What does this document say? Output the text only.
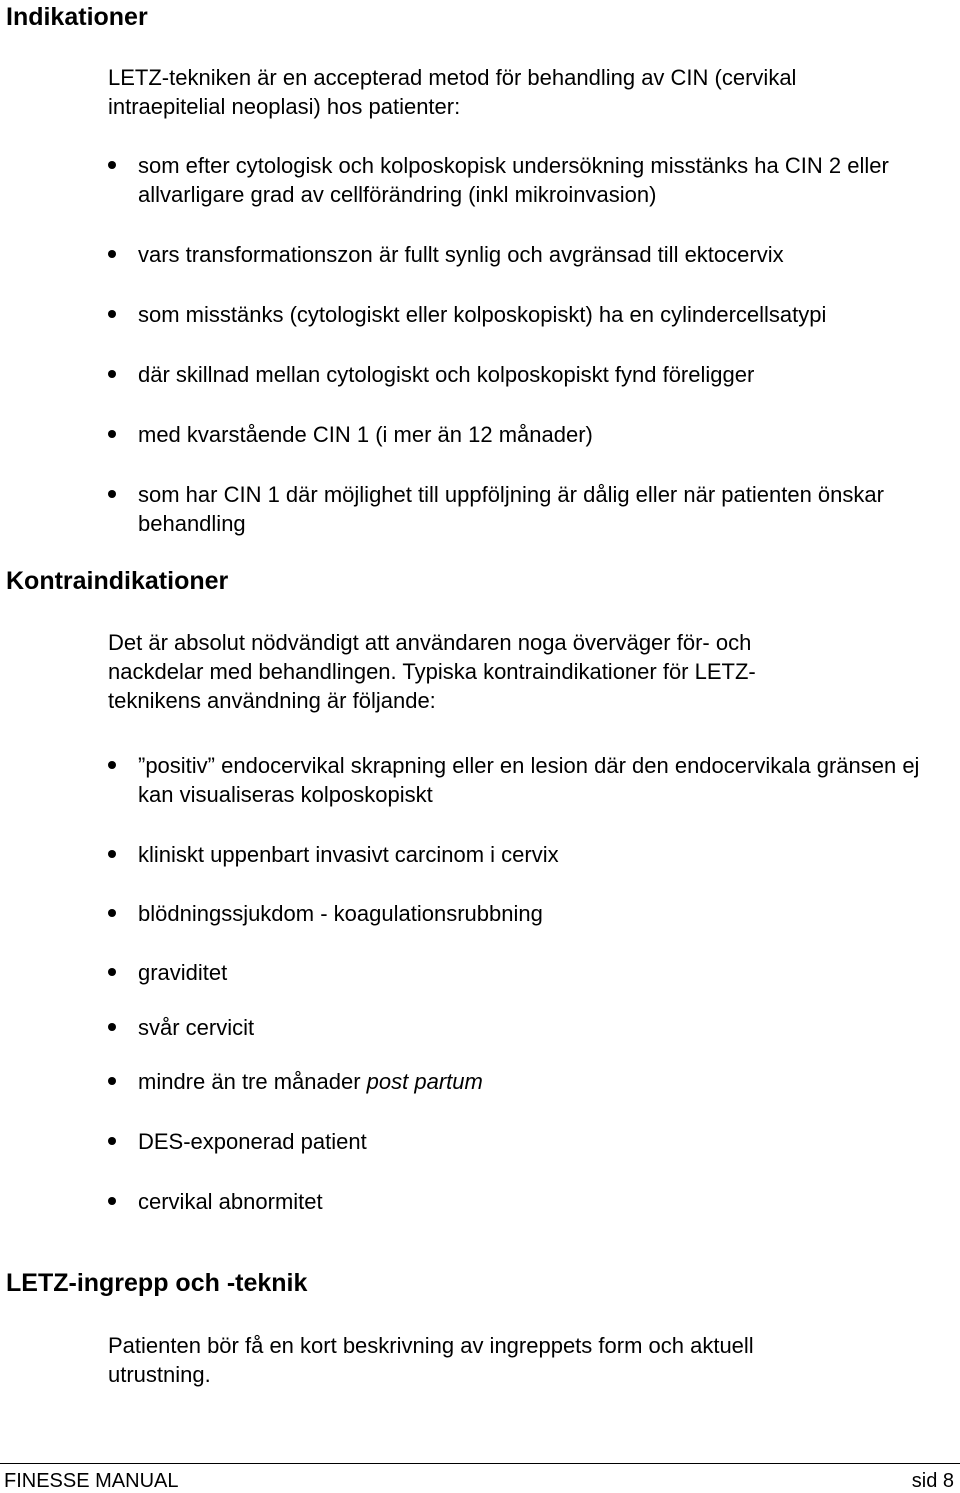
Indikationer
LETZ-tekniken är en accepterad metod för behandling av CIN (cervikal
intraepitelial neoplasi) hos patienter:
som efter cytologisk och kolposkopisk undersökning misstänks ha CIN 2 eller allvarligare grad av cellförändring (inkl mikroinvasion)
vars transformationszon är fullt synlig och avgränsad till ektocervix
som misstänks (cytologiskt eller kolposkopiskt) ha en cylindercellsatypi
där skillnad mellan cytologiskt och kolposkopiskt fynd föreligger
med kvarstående CIN 1 (i mer än 12 månader)
som har CIN 1 där möjlighet till uppföljning är dålig eller när patienten önskar behandling
Kontraindikationer
Det är absolut nödvändigt att användaren noga överväger för- och
nackdelar med behandlingen. Typiska kontraindikationer för LETZ-
teknikens användning är följande:
”positiv” endocervikal skrapning eller en lesion där den endocervikala gränsen ej kan visualiseras kolposkopiskt
kliniskt uppenbart invasivt carcinom i cervix
blödningssjukdom - koagulationsrubbning
graviditet
svår cervicit
mindre än tre månader post partum
DES-exponerad patient
cervikal abnormitet
LETZ-ingrepp och -teknik
Patienten bör få en kort beskrivning av ingreppets form och aktuell
utrustning.
FINESSE MANUAL	sid 8
